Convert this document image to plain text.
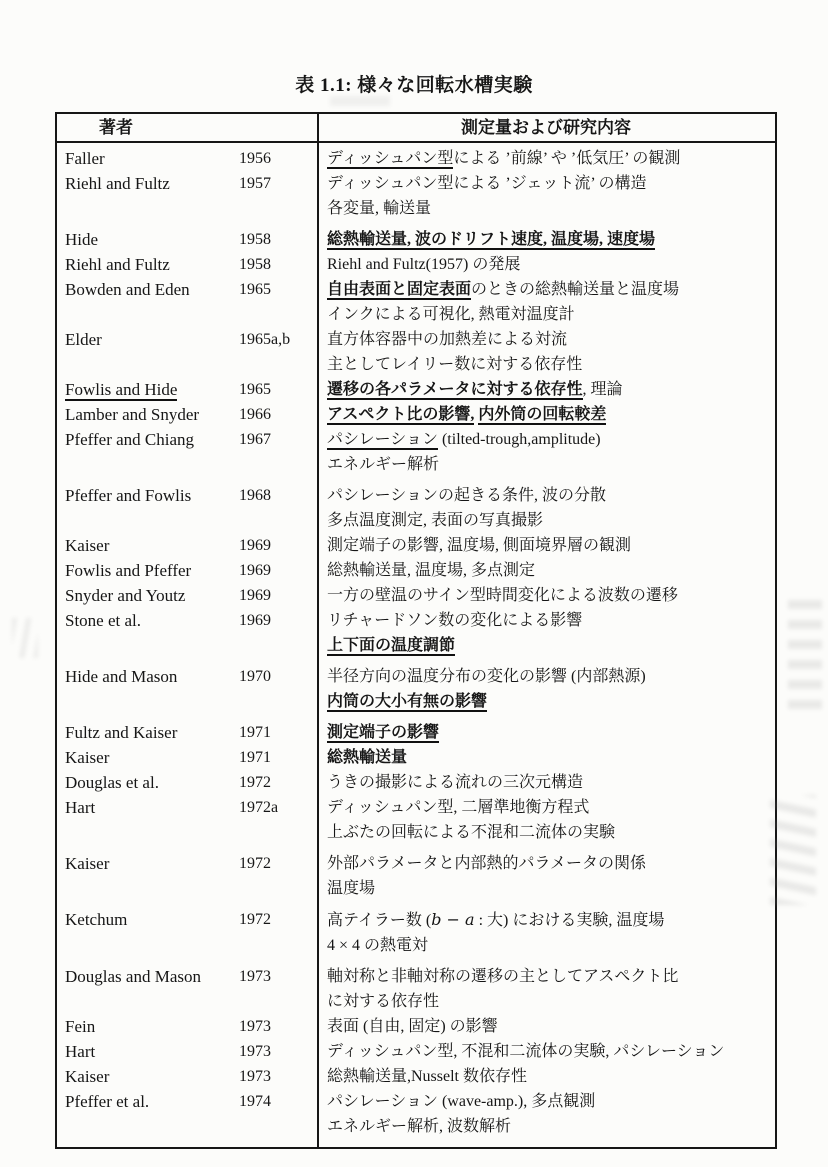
表 1.1: 様々な回転水槽実験
著者	測定量および研究内容
Faller	1956	ディッシュパン型による ’前線’ や ’低気圧’ の観測
Riehl and Fultz	1957	ディッシュパン型による ’ジェット流’ の構造
各変量, 輸送量
Hide	1958	総熱輸送量, 波のドリフト速度, 温度場, 速度場
Riehl and Fultz	1958	Riehl and Fultz(1957) の発展
Bowden and Eden	1965	自由表面と固定表面のときの総熱輸送量と温度場
インクによる可視化, 熱電対温度計
Elder	1965a,b	直方体容器中の加熱差による対流
主としてレイリー数に対する依存性
Fowlis and Hide	1965	遷移の各パラメータに対する依存性, 理論
Lamber and Snyder	1966	アスペクト比の影響, 内外筒の回転較差
Pfeffer and Chiang	1967	パシレーション (tilted-trough,amplitude)
エネルギー解析
Pfeffer and Fowlis	1968	パシレーションの起きる条件, 波の分散
多点温度測定, 表面の写真撮影
Kaiser	1969	測定端子の影響, 温度場, 側面境界層の観測
Fowlis and Pfeffer	1969	総熱輸送量, 温度場, 多点測定
Snyder and Youtz	1969	一方の壁温のサイン型時間変化による波数の遷移
Stone et al.	1969	リチャードソン数の変化による影響
上下面の温度調節
Hide and Mason	1970	半径方向の温度分布の変化の影響 (内部熱源)
内筒の大小有無の影響
Fultz and Kaiser	1971	測定端子の影響
Kaiser	1971	総熱輸送量
Douglas et al.	1972	うきの撮影による流れの三次元構造
Hart	1972a	ディッシュパン型, 二層準地衡方程式
上ぶたの回転による不混和二流体の実験
Kaiser	1972	外部パラメータと内部熱的パラメータの関係
温度場
Ketchum	1972	高テイラー数 (b − a : 大) における実験, 温度場
4 × 4 の熱電対
Douglas and Mason	1973	軸対称と非軸対称の遷移の主としてアスペクト比
に対する依存性
Fein	1973	表面 (自由, 固定) の影響
Hart	1973	ディッシュパン型, 不混和二流体の実験, パシレーション
Kaiser	1973	総熱輸送量,Nusselt 数依存性
Pfeffer et al.	1974	パシレーション (wave-amp.), 多点観測
エネルギー解析, 波数解析
